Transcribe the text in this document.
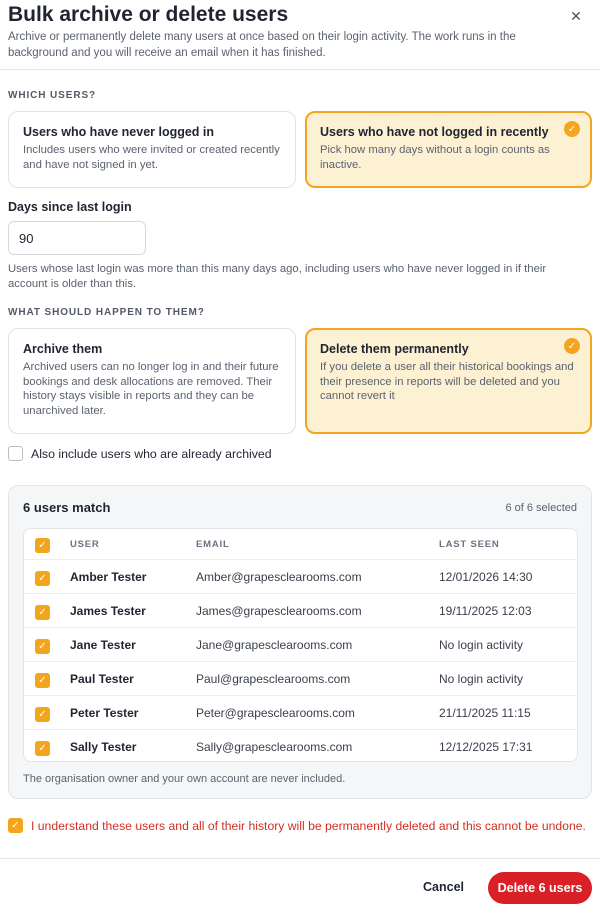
Bulk archive or delete users
Archive or permanently delete many users at once based on their login activity. The work runs in the background and you will receive an email when it has finished.
✕
WHICH USERS?
Users who have never logged in
Includes users who were invited or created recently and have not signed in yet.
Users who have not logged in recently
Pick how many days without a login counts as inactive.
✓
Days since last login
90
Users whose last login was more than this many days ago, including users who have never logged in if their account is older than this.
WHAT SHOULD HAPPEN TO THEM?
Archive them
Archived users can no longer log in and their future bookings and desk allocations are removed. Their history stays visible in reports and they can be unarchived later.
Delete them permanently
If you delete a user all their historical bookings and their presence in reports will be deleted and you cannot revert it
✓
Also include users who are already archived
6 users match	6 of 6 selected
✓	USER	EMAIL	LAST SEEN
✓ Amber Tester	Amber@grapesclearooms.com	12/01/2026 14:30
✓ James Tester	James@grapesclearooms.com	19/11/2025 12:03
✓ Jane Tester	Jane@grapesclearooms.com	No login activity
✓ Paul Tester	Paul@grapesclearooms.com	No login activity
✓ Peter Tester	Peter@grapesclearooms.com	21/11/2025 11:15
✓ Sally Tester	Sally@grapesclearooms.com	12/12/2025 17:31
The organisation owner and your own account are never included.
✓ I understand these users and all of their history will be permanently deleted and this cannot be undone.
Cancel	Delete 6 users
